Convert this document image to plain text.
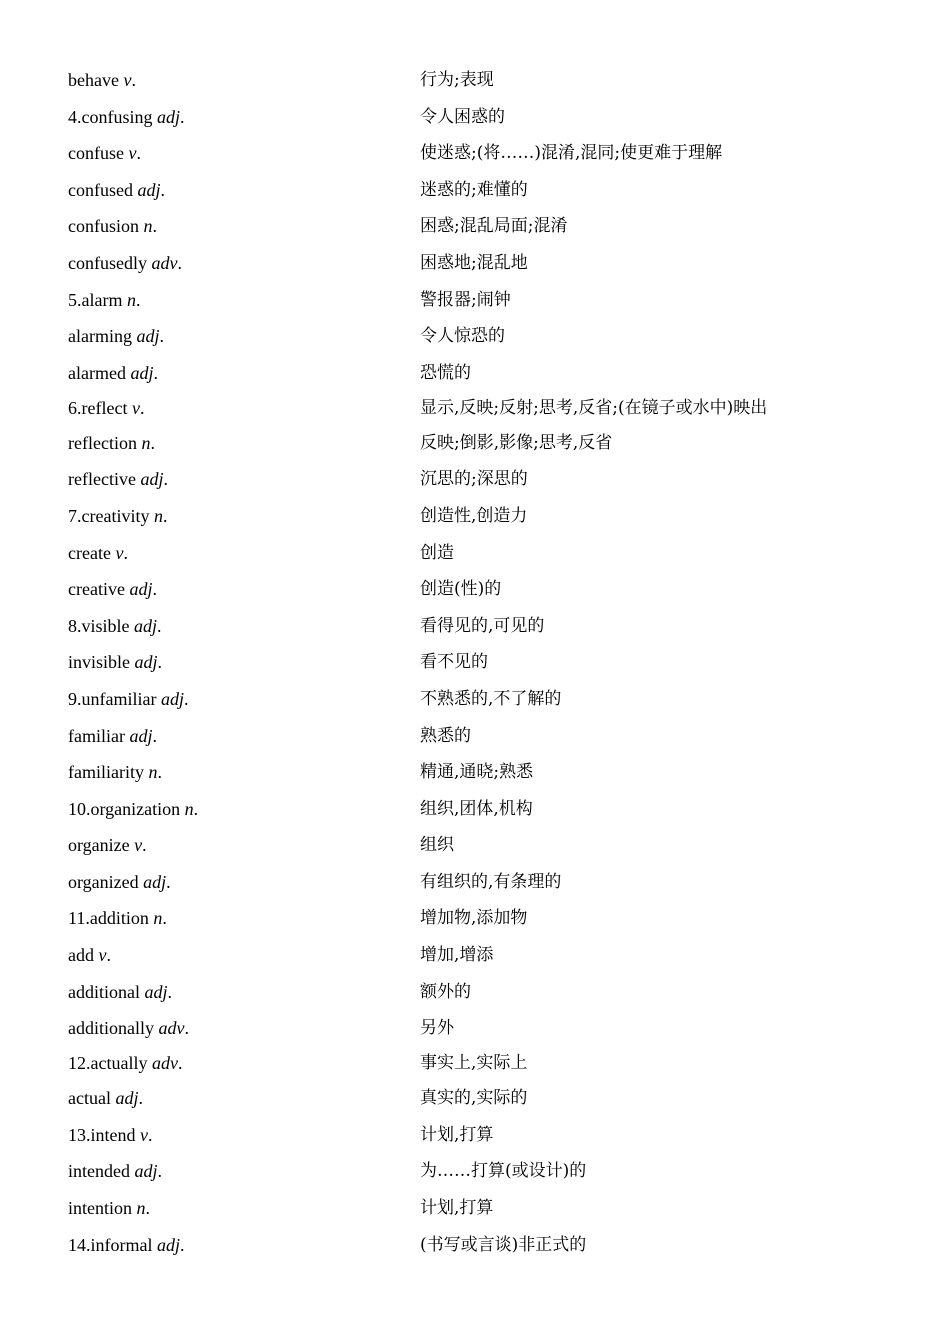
behave v.	行为;表现
4.confusing adj.	令人困惑的
confuse v.	使迷惑;(将……)混淆,混同;使更难于理解
confused adj.	迷惑的;难懂的
confusion n.	困惑;混乱局面;混淆
confusedly adv.	困惑地;混乱地
5.alarm n.	警报器;闹钟
alarming adj.	令人惊恐的
alarmed adj.	恐慌的
6.reflect v.	显示,反映;反射;思考,反省;(在镜子或水中)映出
reflection n.	反映;倒影,影像;思考,反省
reflective adj.	沉思的;深思的
7.creativity n.	创造性,创造力
create v.	创造
creative adj.	创造(性)的
8.visible adj.	看得见的,可见的
invisible adj.	看不见的
9.unfamiliar adj.	不熟悉的,不了解的
familiar adj.	熟悉的
familiarity n.	精通,通晓;熟悉
10.organization n.	组织,团体,机构
organize v.	组织
organized adj.	有组织的,有条理的
11.addition n.	增加物,添加物
add v.	增加,增添
additional adj.	额外的
additionally adv.	另外
12.actually adv.	事实上,实际上
actual adj.	真实的,实际的
13.intend v.	计划,打算
intended adj.	为……打算(或设计)的
intention n.	计划,打算
14.informal adj.	(书写或言谈)非正式的
